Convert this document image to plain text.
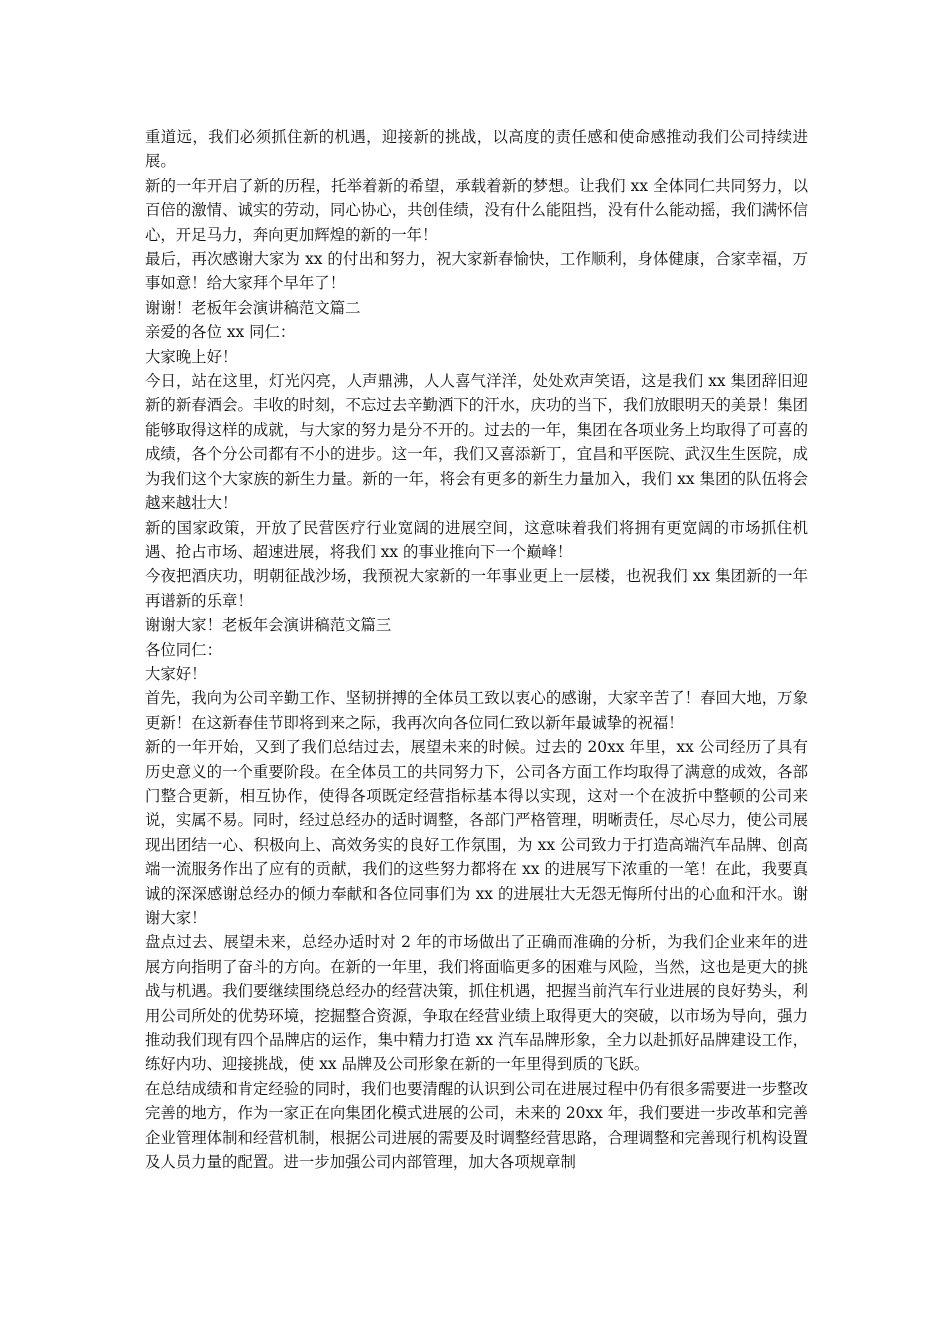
重道远，我们必须抓住新的机遇，迎接新的挑战，以高度的责任感和使命感推动我们公司持续进展。

新的一年开启了新的历程，托举着新的希望，承载着新的梦想。让我们 xx 全体同仁共同努力，以百倍的激情、诚实的劳动，同心协心，共创佳绩，没有什么能阻挡，没有什么能动摇，我们满怀信心，开足马力，奔向更加辉煌的新的一年！

最后，再次感谢大家为 xx 的付出和努力，祝大家新春愉快，工作顺利，身体健康，合家幸福，万事如意！给大家拜个早年了！

谢谢！老板年会演讲稿范文篇二

亲爱的各位 xx 同仁：

大家晚上好！

今日，站在这里，灯光闪亮，人声鼎沸，人人喜气洋洋，处处欢声笑语，这是我们 xx 集团辞旧迎新的新春酒会。丰收的时刻，不忘过去辛勤洒下的汗水，庆功的当下，我们放眼明天的美景！集团能够取得这样的成就，与大家的努力是分不开的。过去的一年，集团在各项业务上均取得了可喜的成绩，各个分公司都有不小的进步。这一年，我们又喜添新丁，宜昌和平医院、武汉生生医院，成为我们这个大家族的新生力量。新的一年，将会有更多的新生力量加入，我们 xx 集团的队伍将会越来越壮大！

新的国家政策，开放了民营医疗行业宽阔的进展空间，这意味着我们将拥有更宽阔的市场抓住机遇、抢占市场、超速进展，将我们 xx 的事业推向下一个巅峰！

今夜把酒庆功，明朝征战沙场，我预祝大家新的一年事业更上一层楼，也祝我们 xx 集团新的一年再谱新的乐章！

谢谢大家！老板年会演讲稿范文篇三

各位同仁：

大家好！

首先，我向为公司辛勤工作、坚韧拼搏的全体员工致以衷心的感谢，大家辛苦了！春回大地，万象更新！在这新春佳节即将到来之际，我再次向各位同仁致以新年最诚挚的祝福！

新的一年开始，又到了我们总结过去，展望未来的时候。过去的 20xx 年里，xx 公司经历了具有历史意义的一个重要阶段。在全体员工的共同努力下，公司各方面工作均取得了满意的成效，各部门整合更新，相互协作，使得各项既定经营指标基本得以实现，这对一个在波折中整顿的公司来说，实属不易。同时，经过总经办的适时调整，各部门严格管理，明晰责任，尽心尽力，使公司展现出团结一心、积极向上、高效务实的良好工作氛围，为 xx 公司致力于打造高端汽车品牌、创高端一流服务作出了应有的贡献，我们的这些努力都将在 xx 的进展写下浓重的一笔！在此，我要真诚的深深感谢总经办的倾力奉献和各位同事们为 xx 的进展壮大无怨无悔所付出的心血和汗水。谢谢大家！

盘点过去、展望未来，总经办适时对 2 年的市场做出了正确而准确的分析，为我们企业来年的进展方向指明了奋斗的方向。在新的一年里，我们将面临更多的困难与风险，当然，这也是更大的挑战与机遇。我们要继续围绕总经办的经营决策，抓住机遇，把握当前汽车行业进展的良好势头，利用公司所处的优势环境，挖掘整合资源，争取在经营业绩上取得更大的突破，以市场为导向，强力推动我们现有四个品牌店的运作，集中精力打造 xx 汽车品牌形象，全力以赴抓好品牌建设工作，练好内功、迎接挑战，使 xx 品牌及公司形象在新的一年里得到质的飞跃。

在总结成绩和肯定经验的同时，我们也要清醒的认识到公司在进展过程中仍有很多需要进一步整改完善的地方，作为一家正在向集团化模式进展的公司，未来的 20xx 年，我们要进一步改革和完善企业管理体制和经营机制，根据公司进展的需要及时调整经营思路，合理调整和完善现行机构设置及人员力量的配置。进一步加强公司内部管理，加大各项规章制
